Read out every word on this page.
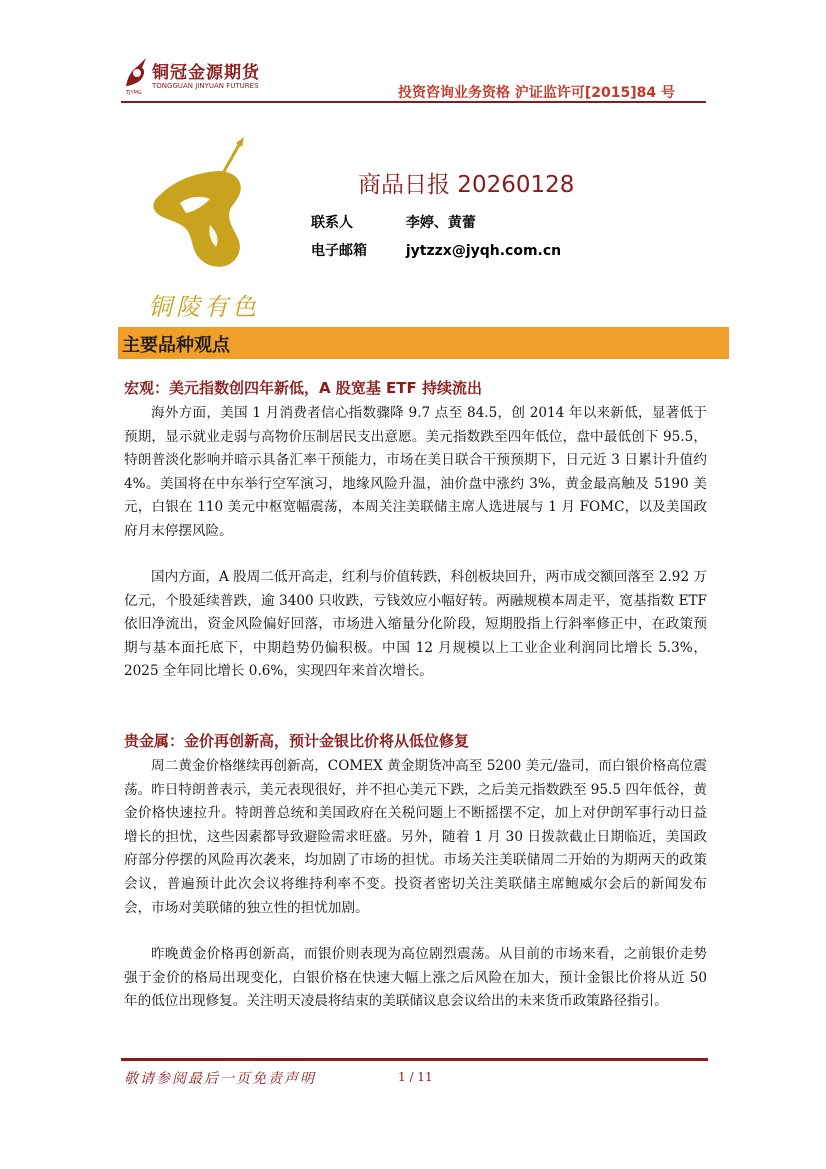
铜冠金源期货
TONGGUAN JINYUAN FUTURES
TJYMG	投资咨询业务资格 沪证监许可[2015]84 号
铜陵有色
商品日报 20260128
联系人	李婷、黄蕾
电子邮箱	jytzzx@jyqh.com.cn
主要品种观点
宏观：美元指数创四年新低，A 股宽基 ETF 持续流出
海外方面，美国 1 月消费者信心指数骤降 9.7 点至 84.5，创 2014 年以来新低，显著低于预期，显示就业走弱与高物价压制居民支出意愿。美元指数跌至四年低位，盘中最低创下 95.5，特朗普淡化影响并暗示具备汇率干预能力，市场在美日联合干预预期下，日元近 3 日累计升值约 4%。美国将在中东举行空军演习，地缘风险升温，油价盘中涨约 3%，黄金最高触及 5190 美元，白银在 110 美元中枢宽幅震荡，本周关注美联储主席人选进展与 1 月 FOMC，以及美国政府月末停摆风险。
国内方面，A 股周二低开高走，红利与价值转跌，科创板块回升，两市成交额回落至 2.92 万亿元，个股延续普跌，逾 3400 只收跌，亏钱效应小幅好转。两融规模本周走平，宽基指数 ETF 依旧净流出，资金风险偏好回落，市场进入缩量分化阶段，短期股指上行斜率修正中，在政策预期与基本面托底下，中期趋势仍偏积极。中国 12 月规模以上工业企业利润同比增长 5.3%，2025 全年同比增长 0.6%，实现四年来首次增长。
贵金属：金价再创新高，预计金银比价将从低位修复
周二黄金价格继续再创新高，COMEX 黄金期货冲高至 5200 美元/盎司，而白银价格高位震荡。昨日特朗普表示，美元表现很好，并不担心美元下跌，之后美元指数跌至 95.5 四年低谷，黄金价格快速拉升。特朗普总统和美国政府在关税问题上不断摇摆不定，加上对伊朗军事行动日益增长的担忧，这些因素都导致避险需求旺盛。另外，随着 1 月 30 日拨款截止日期临近，美国政府部分停摆的风险再次袭来，均加剧了市场的担忧。市场关注美联储周二开始的为期两天的政策会议，普遍预计此次会议将维持利率不变。投资者密切关注美联储主席鲍威尔会后的新闻发布会，市场对美联储的独立性的担忧加剧。
昨晚黄金价格再创新高，而银价则表现为高位剧烈震荡。从目前的市场来看，之前银价走势强于金价的格局出现变化，白银价格在快速大幅上涨之后风险在加大，预计金银比价将从近 50 年的低位出现修复。关注明天凌晨将结束的美联储议息会议给出的未来货币政策路径指引。
敬请参阅最后一页免责声明	1 / 11
